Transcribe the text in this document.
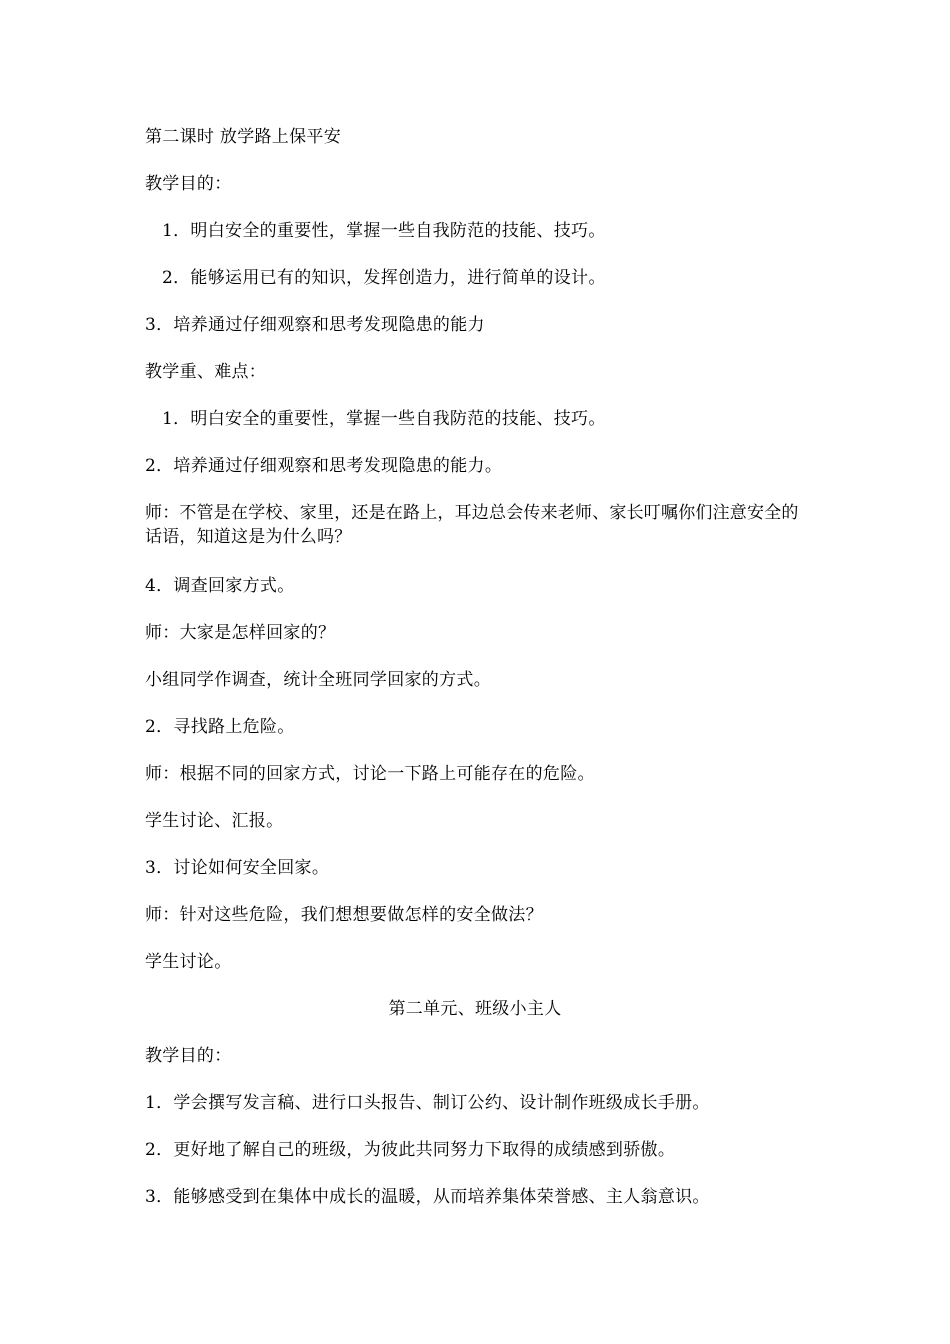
第二课时 放学路上保平安
教学目的：
1．明白安全的重要性，掌握一些自我防范的技能、技巧。
2．能够运用已有的知识，发挥创造力，进行简单的设计。
3．培养通过仔细观察和思考发现隐患的能力
教学重、难点：
1．明白安全的重要性，掌握一些自我防范的技能、技巧。
2．培养通过仔细观察和思考发现隐患的能力。
师：不管是在学校、家里，还是在路上，耳边总会传来老师、家长叮嘱你们注意安全的话语，知道这是为什么吗？
4．调查回家方式。
师：大家是怎样回家的？
小组同学作调查，统计全班同学回家的方式。
2．寻找路上危险。
师：根据不同的回家方式，讨论一下路上可能存在的危险。
学生讨论、汇报。
3．讨论如何安全回家。
师：针对这些危险，我们想想要做怎样的安全做法？
学生讨论。
第二单元、班级小主人
教学目的：
1．学会撰写发言稿、进行口头报告、制订公约、设计制作班级成长手册。
2．更好地了解自己的班级，为彼此共同努力下取得的成绩感到骄傲。
3．能够感受到在集体中成长的温暖，从而培养集体荣誉感、主人翁意识。
